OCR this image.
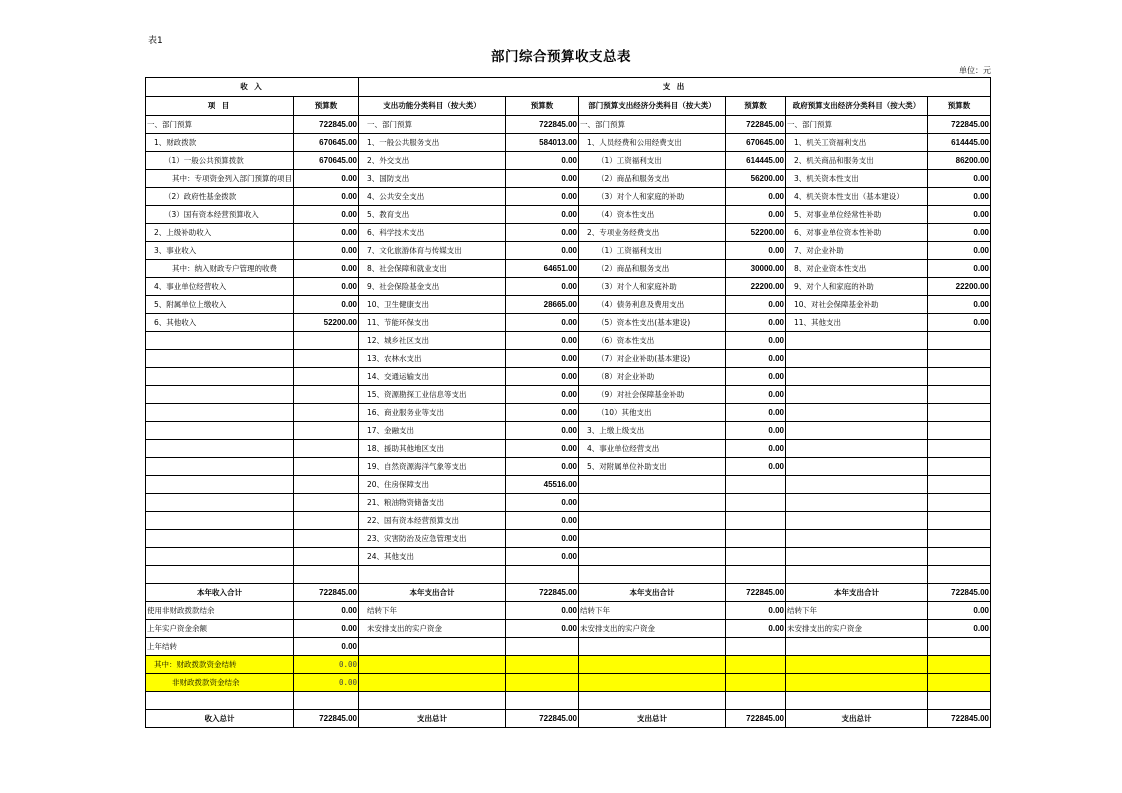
表1
部门综合预算收支总表
单位：元
收 入		支 出					
项 目	预算数	支出功能分类科目（按大类）	预算数	部门预算支出经济分类科目（按大类）	预算数	政府预算支出经济分类科目（按大类）	预算数
一、部门预算	722845.00	一、部门预算	722845.00	一、部门预算	722845.00	一、部门预算	722845.00
1、财政拨款	670645.00	1、一般公共服务支出	584013.00	1、人员经费和公用经费支出	670645.00	1、机关工资福利支出	614445.00
（1）一般公共预算拨款	670645.00	2、外交支出	0.00	（1）工资福利支出	614445.00	2、机关商品和服务支出	86200.00
其中：专项资金列入部门预算的项目	0.00	3、国防支出	0.00	（2）商品和服务支出	56200.00	3、机关资本性支出	0.00
（2）政府性基金拨款	0.00	4、公共安全支出	0.00	（3）对个人和家庭的补助	0.00	4、机关资本性支出（基本建设）	0.00
（3）国有资本经营预算收入	0.00	5、教育支出	0.00	（4）资本性支出	0.00	5、对事业单位经常性补助	0.00
2、上级补助收入	0.00	6、科学技术支出	0.00	2、专项业务经费支出	52200.00	6、对事业单位资本性补助	0.00
3、事业收入	0.00	7、文化旅游体育与传媒支出	0.00	（1）工资福利支出	0.00	7、对企业补助	0.00
其中：纳入财政专户管理的收费	0.00	8、社会保障和就业支出	64651.00	（2）商品和服务支出	30000.00	8、对企业资本性支出	0.00
4、事业单位经营收入	0.00	9、社会保险基金支出	0.00	（3）对个人和家庭补助	22200.00	9、对个人和家庭的补助	22200.00
5、附属单位上缴收入	0.00	10、卫生健康支出	28665.00	（4）债务利息及费用支出	0.00	10、对社会保障基金补助	0.00
6、其他收入	52200.00	11、节能环保支出	0.00	（5）资本性支出(基本建设)	0.00	11、其他支出	0.00
		12、城乡社区支出	0.00	（6）资本性支出	0.00		
		13、农林水支出	0.00	（7）对企业补助(基本建设)	0.00		
		14、交通运输支出	0.00	（8）对企业补助	0.00		
		15、资源勘探工业信息等支出	0.00	（9）对社会保障基金补助	0.00		
		16、商业服务业等支出	0.00	（10）其他支出	0.00		
		17、金融支出	0.00	3、上缴上级支出	0.00		
		18、援助其他地区支出	0.00	4、事业单位经营支出	0.00		
		19、自然资源海洋气象等支出	0.00	5、对附属单位补助支出	0.00		
		20、住房保障支出	45516.00				
		21、粮油物资储备支出	0.00				
		22、国有资本经营预算支出	0.00				
		23、灾害防治及应急管理支出	0.00				
		24、其他支出	0.00				

本年收入合计	722845.00	本年支出合计	722845.00	本年支出合计	722845.00	本年支出合计	722845.00
使用非财政拨款结余	0.00	结转下年	0.00	结转下年	0.00	结转下年	0.00
上年实户资金余额	0.00	未安排支出的实户资金	0.00	未安排支出的实户资金	0.00	未安排支出的实户资金	0.00
上年结转	0.00						
其中：财政拨款资金结转	0.00						
非财政拨款资金结余	0.00						

收入总计	722845.00	支出总计	722845.00	支出总计	722845.00	支出总计	722845.00
